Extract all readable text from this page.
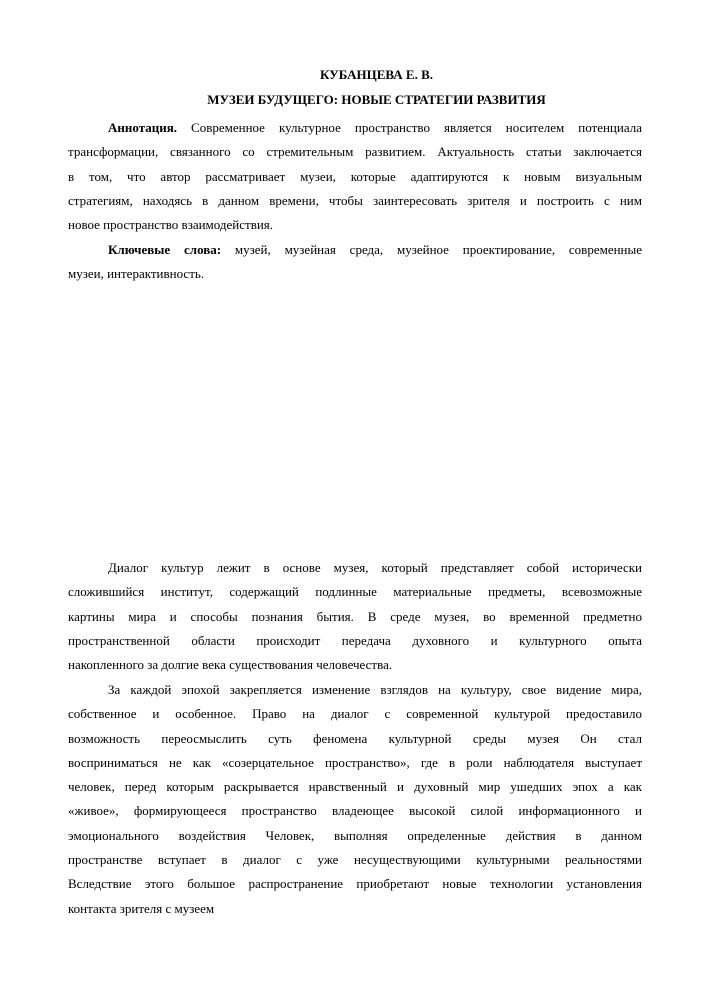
КУБАНЦЕВА Е. В.
МУЗЕИ БУДУЩЕГО: НОВЫЕ СТРАТЕГИИ РАЗВИТИЯ
Аннотация. Современное культурное пространство является носителем потенциала
трансформации, связанного со стремительным развитием. Актуальность статьи заключается
в том, что автор рассматривает музеи, которые адаптируются к новым визуальным
стратегиям, находясь в данном времени, чтобы заинтересовать зрителя и построить с ним
новое пространство взаимодействия.
Ключевые слова: музей, музейная среда, музейное проектирование, современные
музеи, интерактивность.
Диалог культур лежит в основе музея, который представляет собой исторически
сложившийся институт, содержащий подлинные материальные предметы, всевозможные
картины мира и способы познания бытия. В среде музея, во временной предметно
пространственной области происходит передача духовного и культурного опыта
накопленного за долгие века существования человечества.
За каждой эпохой закрепляется изменение взглядов на культуру, свое видение мира,
собственное и особенное. Право на диалог с современной культурой предоставило
возможность переосмыслить суть феномена культурной среды музея Он стал
восприниматься не как «созерцательное пространство», где в роли наблюдателя выступает
человек, перед которым раскрывается нравственный и духовный мир ушедших эпох а как
«живое», формирующееся пространство владеющее высокой силой информационного и
эмоционального воздействия Человек, выполняя определенные действия в данном
пространстве вступает в диалог с уже несуществующими культурными реальностями
Вследствие этого большое распространение приобретают новые технологии установления
контакта зрителя с музеем
